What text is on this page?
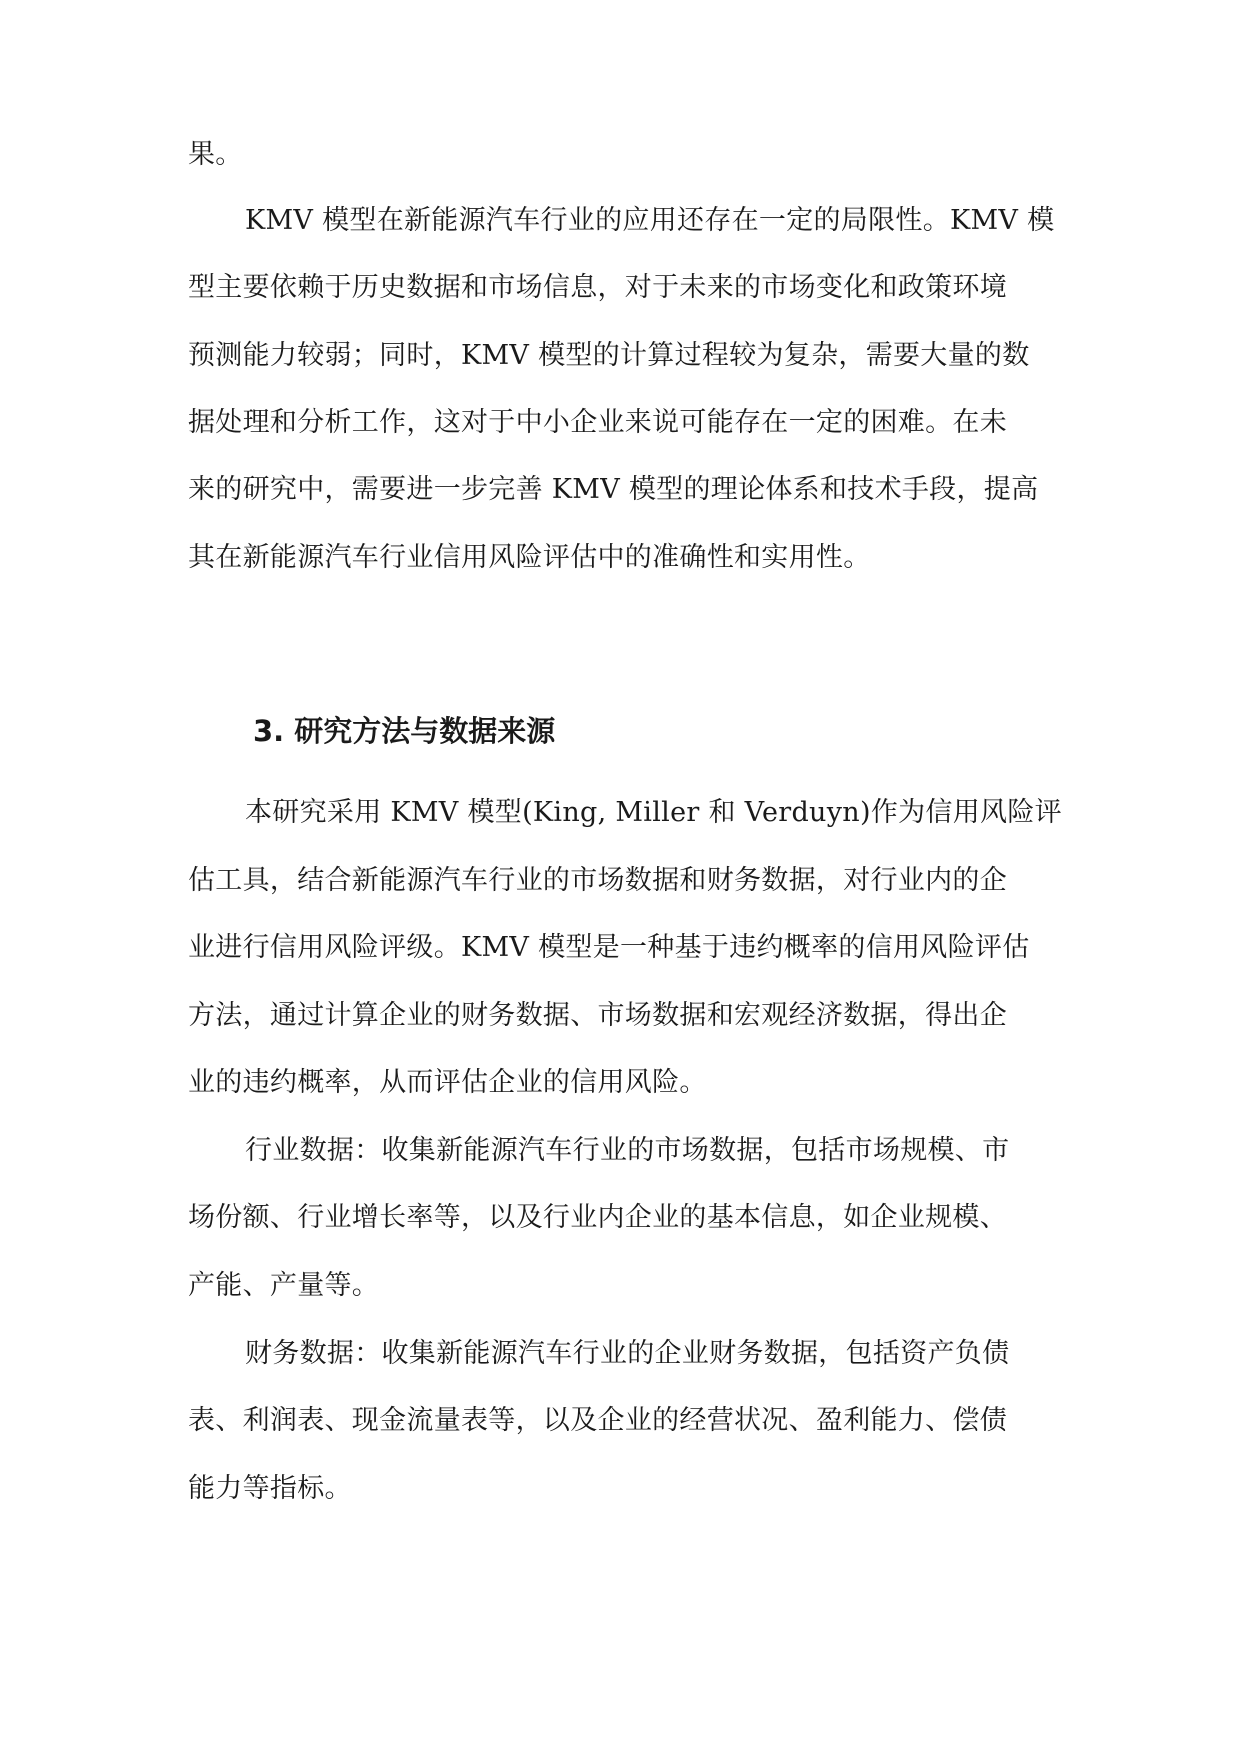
果。
KMV 模型在新能源汽车行业的应用还存在一定的局限性。KMV 模
型主要依赖于历史数据和市场信息，对于未来的市场变化和政策环境
预测能力较弱；同时，KMV 模型的计算过程较为复杂，需要大量的数
据处理和分析工作，这对于中小企业来说可能存在一定的困难。在未
来的研究中，需要进一步完善 KMV 模型的理论体系和技术手段，提高
其在新能源汽车行业信用风险评估中的准确性和实用性。
3. 研究方法与数据来源
本研究采用 KMV 模型(King, Miller 和 Verduyn)作为信用风险评
估工具，结合新能源汽车行业的市场数据和财务数据，对行业内的企
业进行信用风险评级。KMV 模型是一种基于违约概率的信用风险评估
方法，通过计算企业的财务数据、市场数据和宏观经济数据，得出企
业的违约概率，从而评估企业的信用风险。
行业数据：收集新能源汽车行业的市场数据，包括市场规模、市
场份额、行业增长率等，以及行业内企业的基本信息，如企业规模、
产能、产量等。
财务数据：收集新能源汽车行业的企业财务数据，包括资产负债
表、利润表、现金流量表等，以及企业的经营状况、盈利能力、偿债
能力等指标。
